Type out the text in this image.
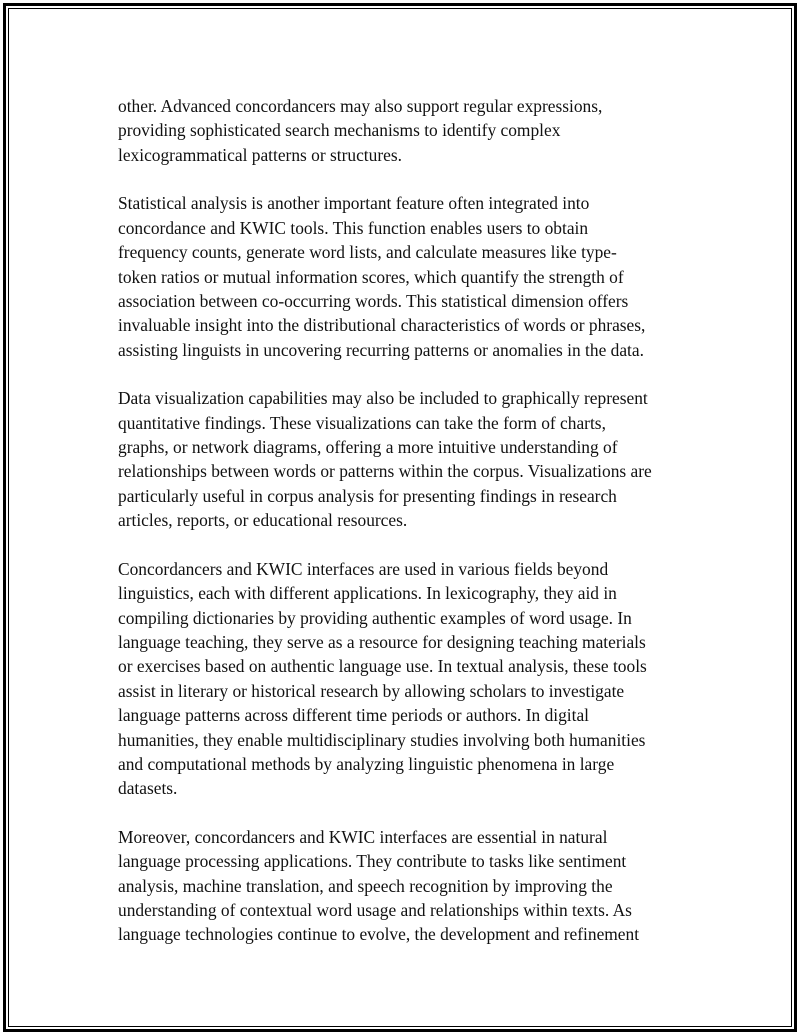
other. Advanced concordancers may also support regular expressions,
providing sophisticated search mechanisms to identify complex
lexicogrammatical patterns or structures.
Statistical analysis is another important feature often integrated into
concordance and KWIC tools. This function enables users to obtain
frequency counts, generate word lists, and calculate measures like type-
token ratios or mutual information scores, which quantify the strength of
association between co-occurring words. This statistical dimension offers
invaluable insight into the distributional characteristics of words or phrases,
assisting linguists in uncovering recurring patterns or anomalies in the data.
Data visualization capabilities may also be included to graphically represent
quantitative findings. These visualizations can take the form of charts,
graphs, or network diagrams, offering a more intuitive understanding of
relationships between words or patterns within the corpus. Visualizations are
particularly useful in corpus analysis for presenting findings in research
articles, reports, or educational resources.
Concordancers and KWIC interfaces are used in various fields beyond
linguistics, each with different applications. In lexicography, they aid in
compiling dictionaries by providing authentic examples of word usage. In
language teaching, they serve as a resource for designing teaching materials
or exercises based on authentic language use. In textual analysis, these tools
assist in literary or historical research by allowing scholars to investigate
language patterns across different time periods or authors. In digital
humanities, they enable multidisciplinary studies involving both humanities
and computational methods by analyzing linguistic phenomena in large
datasets.
Moreover, concordancers and KWIC interfaces are essential in natural
language processing applications. They contribute to tasks like sentiment
analysis, machine translation, and speech recognition by improving the
understanding of contextual word usage and relationships within texts. As
language technologies continue to evolve, the development and refinement
